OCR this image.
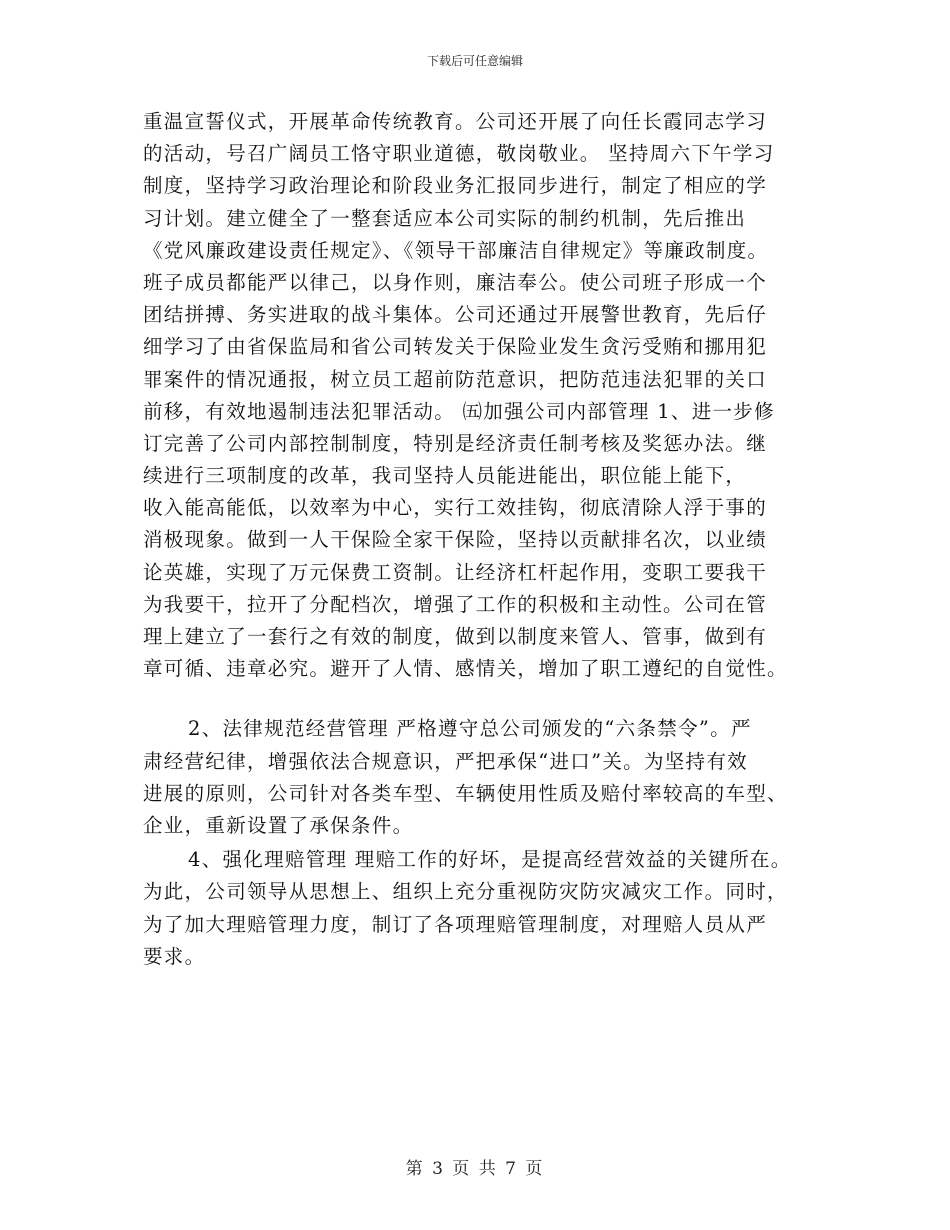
下载后可任意编辑
重温宣誓仪式，开展革命传统教育。公司还开展了向任长霞同志学习
的活动，号召广阔员工恪守职业道德，敬岗敬业。 坚持周六下午学习
制度，坚持学习政治理论和阶段业务汇报同步进行，制定了相应的学
习计划。建立健全了一整套适应本公司实际的制约机制，先后推出
《党风廉政建设责任规定》、《领导干部廉洁自律规定》等廉政制度。
班子成员都能严以律己，以身作则，廉洁奉公。使公司班子形成一个
团结拼搏、务实进取的战斗集体。公司还通过开展警世教育，先后仔
细学习了由省保监局和省公司转发关于保险业发生贪污受贿和挪用犯
罪案件的情况通报，树立员工超前防范意识，把防范违法犯罪的关口
前移，有效地遏制违法犯罪活动。 ㈤加强公司内部管理 1、进一步修
订完善了公司内部控制制度，特别是经济责任制考核及奖惩办法。继
续进行三项制度的改革，我司坚持人员能进能出，职位能上能下，
收入能高能低，以效率为中心，实行工效挂钩，彻底清除人浮于事的
消极现象。做到一人干保险全家干保险，坚持以贡献排名次，以业绩
论英雄，实现了万元保费工资制。让经济杠杆起作用，变职工要我干
为我要干，拉开了分配档次，增强了工作的积极和主动性。公司在管
理上建立了一套行之有效的制度，做到以制度来管人、管事，做到有
章可循、违章必究。避开了人情、感情关，增加了职工遵纪的自觉性。
2、法律规范经营管理 严格遵守总公司颁发的“六条禁令”。严
肃经营纪律，增强依法合规意识，严把承保“进口”关。为坚持有效
进展的原则，公司针对各类车型、车辆使用性质及赔付率较高的车型、
企业，重新设置了承保条件。
4、强化理赔管理 理赔工作的好坏，是提高经营效益的关键所在。
为此，公司领导从思想上、组织上充分重视防灾防灾减灾工作。同时，
为了加大理赔管理力度，制订了各项理赔管理制度，对理赔人员从严
要求。
第 3 页 共 7 页
